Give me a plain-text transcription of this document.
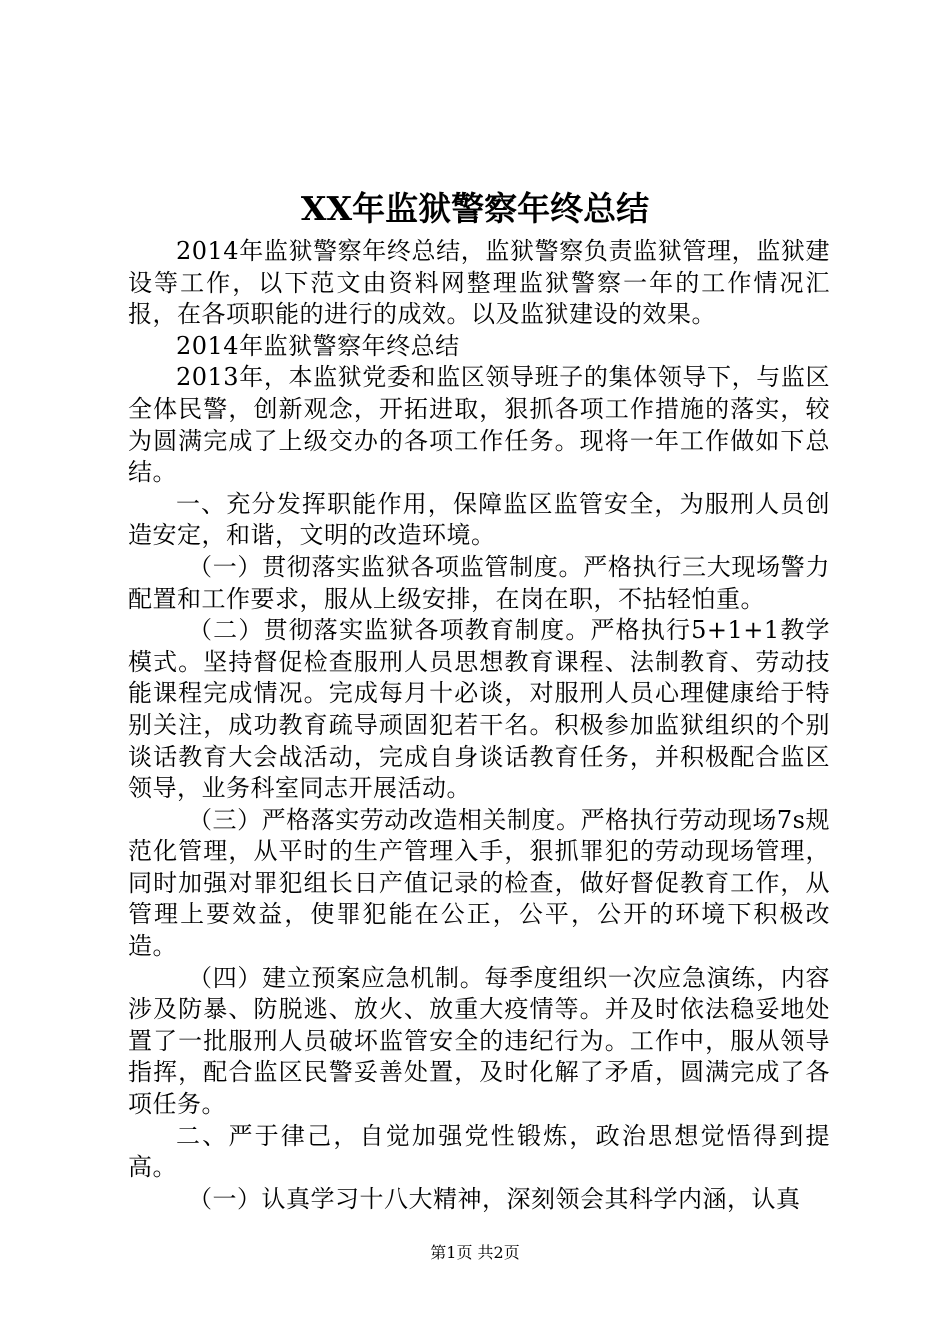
XX年监狱警察年终总结

2014年监狱警察年终总结，监狱警察负责监狱管理，监狱建设等工作，以下范文由资料网整理监狱警察一年的工作情况汇报，在各项职能的进行的成效。以及监狱建设的效果。

2014年监狱警察年终总结

2013年，本监狱党委和监区领导班子的集体领导下，与监区全体民警，创新观念，开拓进取，狠抓各项工作措施的落实，较为圆满完成了上级交办的各项工作任务。现将一年工作做如下总结。

一、充分发挥职能作用，保障监区监管安全，为服刑人员创造安定，和谐，文明的改造环境。

（一）贯彻落实监狱各项监管制度。严格执行三大现场警力配置和工作要求，服从上级安排，在岗在职，不拈轻怕重。

（二）贯彻落实监狱各项教育制度。严格执行5+1+1教学模式。坚持督促检查服刑人员思想教育课程、法制教育、劳动技能课程完成情况。完成每月十必谈，对服刑人员心理健康给于特别关注，成功教育疏导顽固犯若干名。积极参加监狱组织的个别谈话教育大会战活动，完成自身谈话教育任务，并积极配合监区领导，业务科室同志开展活动。

（三）严格落实劳动改造相关制度。严格执行劳动现场7s规范化管理，从平时的生产管理入手，狠抓罪犯的劳动现场管理，同时加强对罪犯组长日产值记录的检查，做好督促教育工作，从管理上要效益，使罪犯能在公正，公平，公开的环境下积极改造。

（四）建立预案应急机制。每季度组织一次应急演练，内容涉及防暴、防脱逃、放火、放重大疫情等。并及时依法稳妥地处置了一批服刑人员破坏监管安全的违纪行为。工作中，服从领导指挥，配合监区民警妥善处置，及时化解了矛盾，圆满完成了各项任务。

二、严于律己，自觉加强党性锻炼，政治思想觉悟得到提高。

（一）认真学习十八大精神，深刻领会其科学内涵，认真

第1页 共2页
